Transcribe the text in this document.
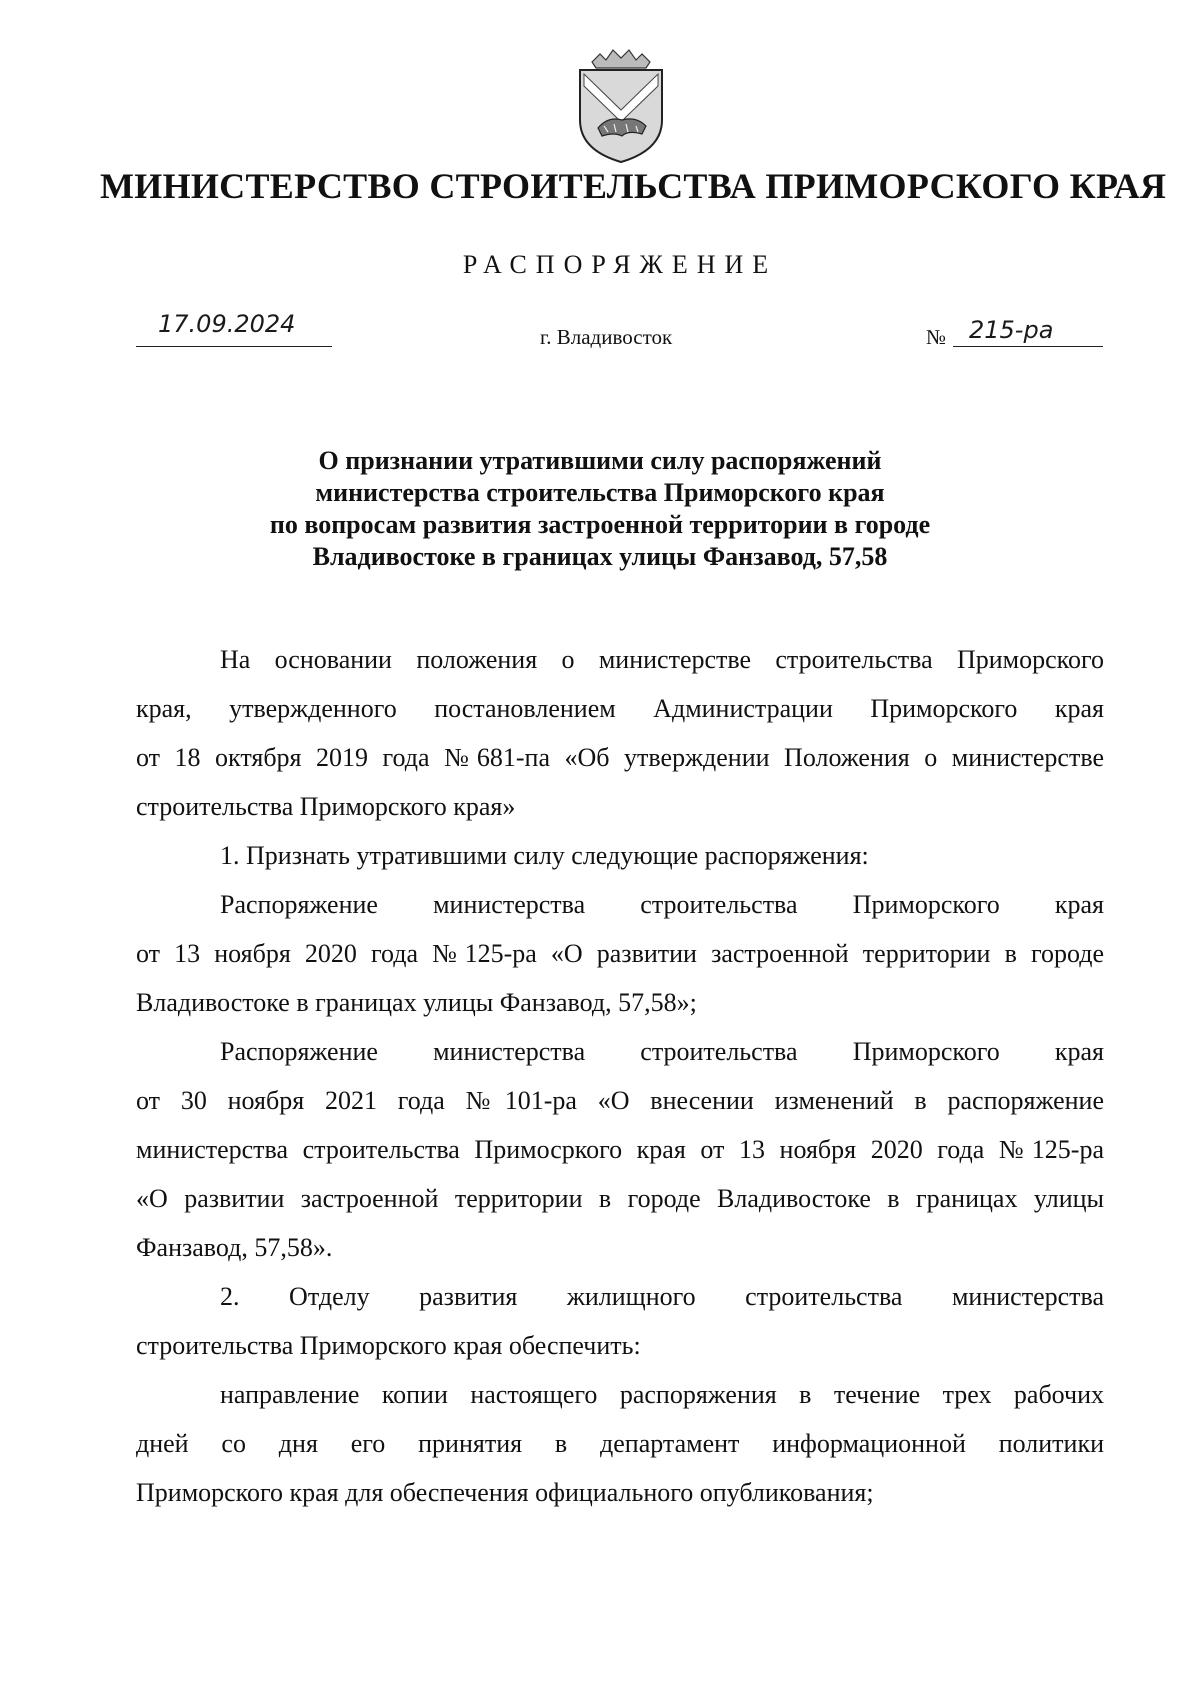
МИНИСТЕРСТВО СТРОИТЕЛЬСТВА ПРИМОРСКОГО КРАЯ
РАСПОРЯЖЕНИЕ
17.09.2024	г. Владивосток	№ 215-ра
О признании утратившими силу распоряжений
министерства строительства Приморского края
по вопросам развития застроенной территории в городе
Владивостоке в границах улицы Фанзавод, 57,58
На основании положения о министерстве строительства Приморского
края, утвержденного постановлением Администрации Приморского края
от 18 октября 2019 года №681-па «Об утверждении Положения о министерстве
строительства Приморского края»
1. Признать утратившими силу следующие распоряжения:
Распоряжение министерства строительства Приморского края
от 13 ноября 2020 года №125-ра «О развитии застроенной территории в городе
Владивостоке в границах улицы Фанзавод, 57,58»;
Распоряжение министерства строительства Приморского края
от 30 ноября 2021 года №101-ра «О внесении изменений в распоряжение
министерства строительства Примосркого края от 13 ноября 2020 года №125-ра
«О развитии застроенной территории в городе Владивостоке в границах улицы
Фанзавод, 57,58».
2. Отделу развития жилищного строительства министерства
строительства Приморского края обеспечить:
направление копии настоящего распоряжения в течение трех рабочих
дней со дня его принятия в департамент информационной политики
Приморского края для обеспечения официального опубликования;
